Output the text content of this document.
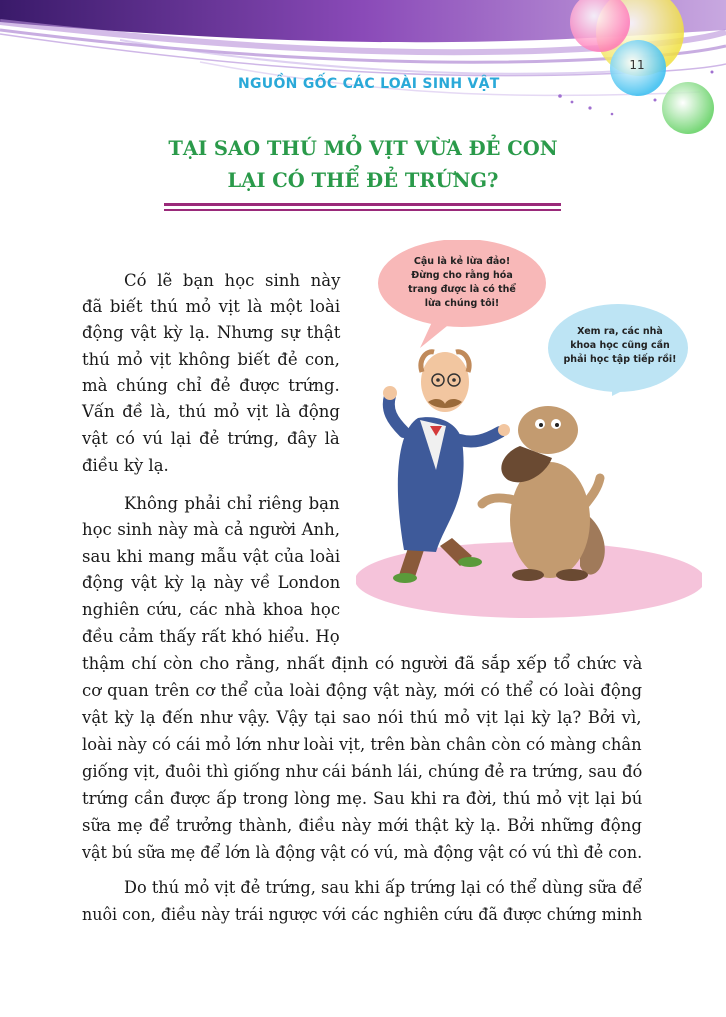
NGUỒN GỐC CÁC LOÀI SINH VẬT
11
TẠI SAO THÚ MỎ VỊT VỪA ĐẺ CON
LẠI CÓ THỂ ĐẺ TRỨNG?
Cậu là kẻ lừa đảo!
Đừng cho rằng hóa
trang được là có thể
lừa chúng tôi!
Xem ra, các nhà
khoa học cũng cần
phải học tập tiếp rồi!
Có lẽ bạn học sinh này
đã biết thú mỏ vịt là một loài
động vật kỳ lạ. Nhưng sự thật
thú mỏ vịt không biết đẻ con,
mà chúng chỉ đẻ được trứng.
Vấn đề là, thú mỏ vịt là động
vật có vú lại đẻ trứng, đây là
điều kỳ lạ.
Không phải chỉ riêng bạn
học sinh này mà cả người Anh,
sau khi mang mẫu vật của loài
động vật kỳ lạ này về London
nghiên cứu, các nhà khoa học
đều cảm thấy rất khó hiểu. Họ
thậm chí còn cho rằng, nhất định có người đã sắp xếp tổ chức và
cơ quan trên cơ thể của loài động vật này, mới có thể có loài động
vật kỳ lạ đến như vậy. Vậy tại sao nói thú mỏ vịt lại kỳ lạ? Bởi vì,
loài này có cái mỏ lớn như loài vịt, trên bàn chân còn có màng chân
giống vịt, đuôi thì giống như cái bánh lái, chúng đẻ ra trứng, sau đó
trứng cần được ấp trong lòng mẹ. Sau khi ra đời, thú mỏ vịt lại bú
sữa mẹ để trưởng thành, điều này mới thật kỳ lạ. Bởi những động
vật bú sữa mẹ để lớn là động vật có vú, mà động vật có vú thì đẻ con.
Do thú mỏ vịt đẻ trứng, sau khi ấp trứng lại có thể dùng sữa để
nuôi con, điều này trái ngược với các nghiên cứu đã được chứng minh
